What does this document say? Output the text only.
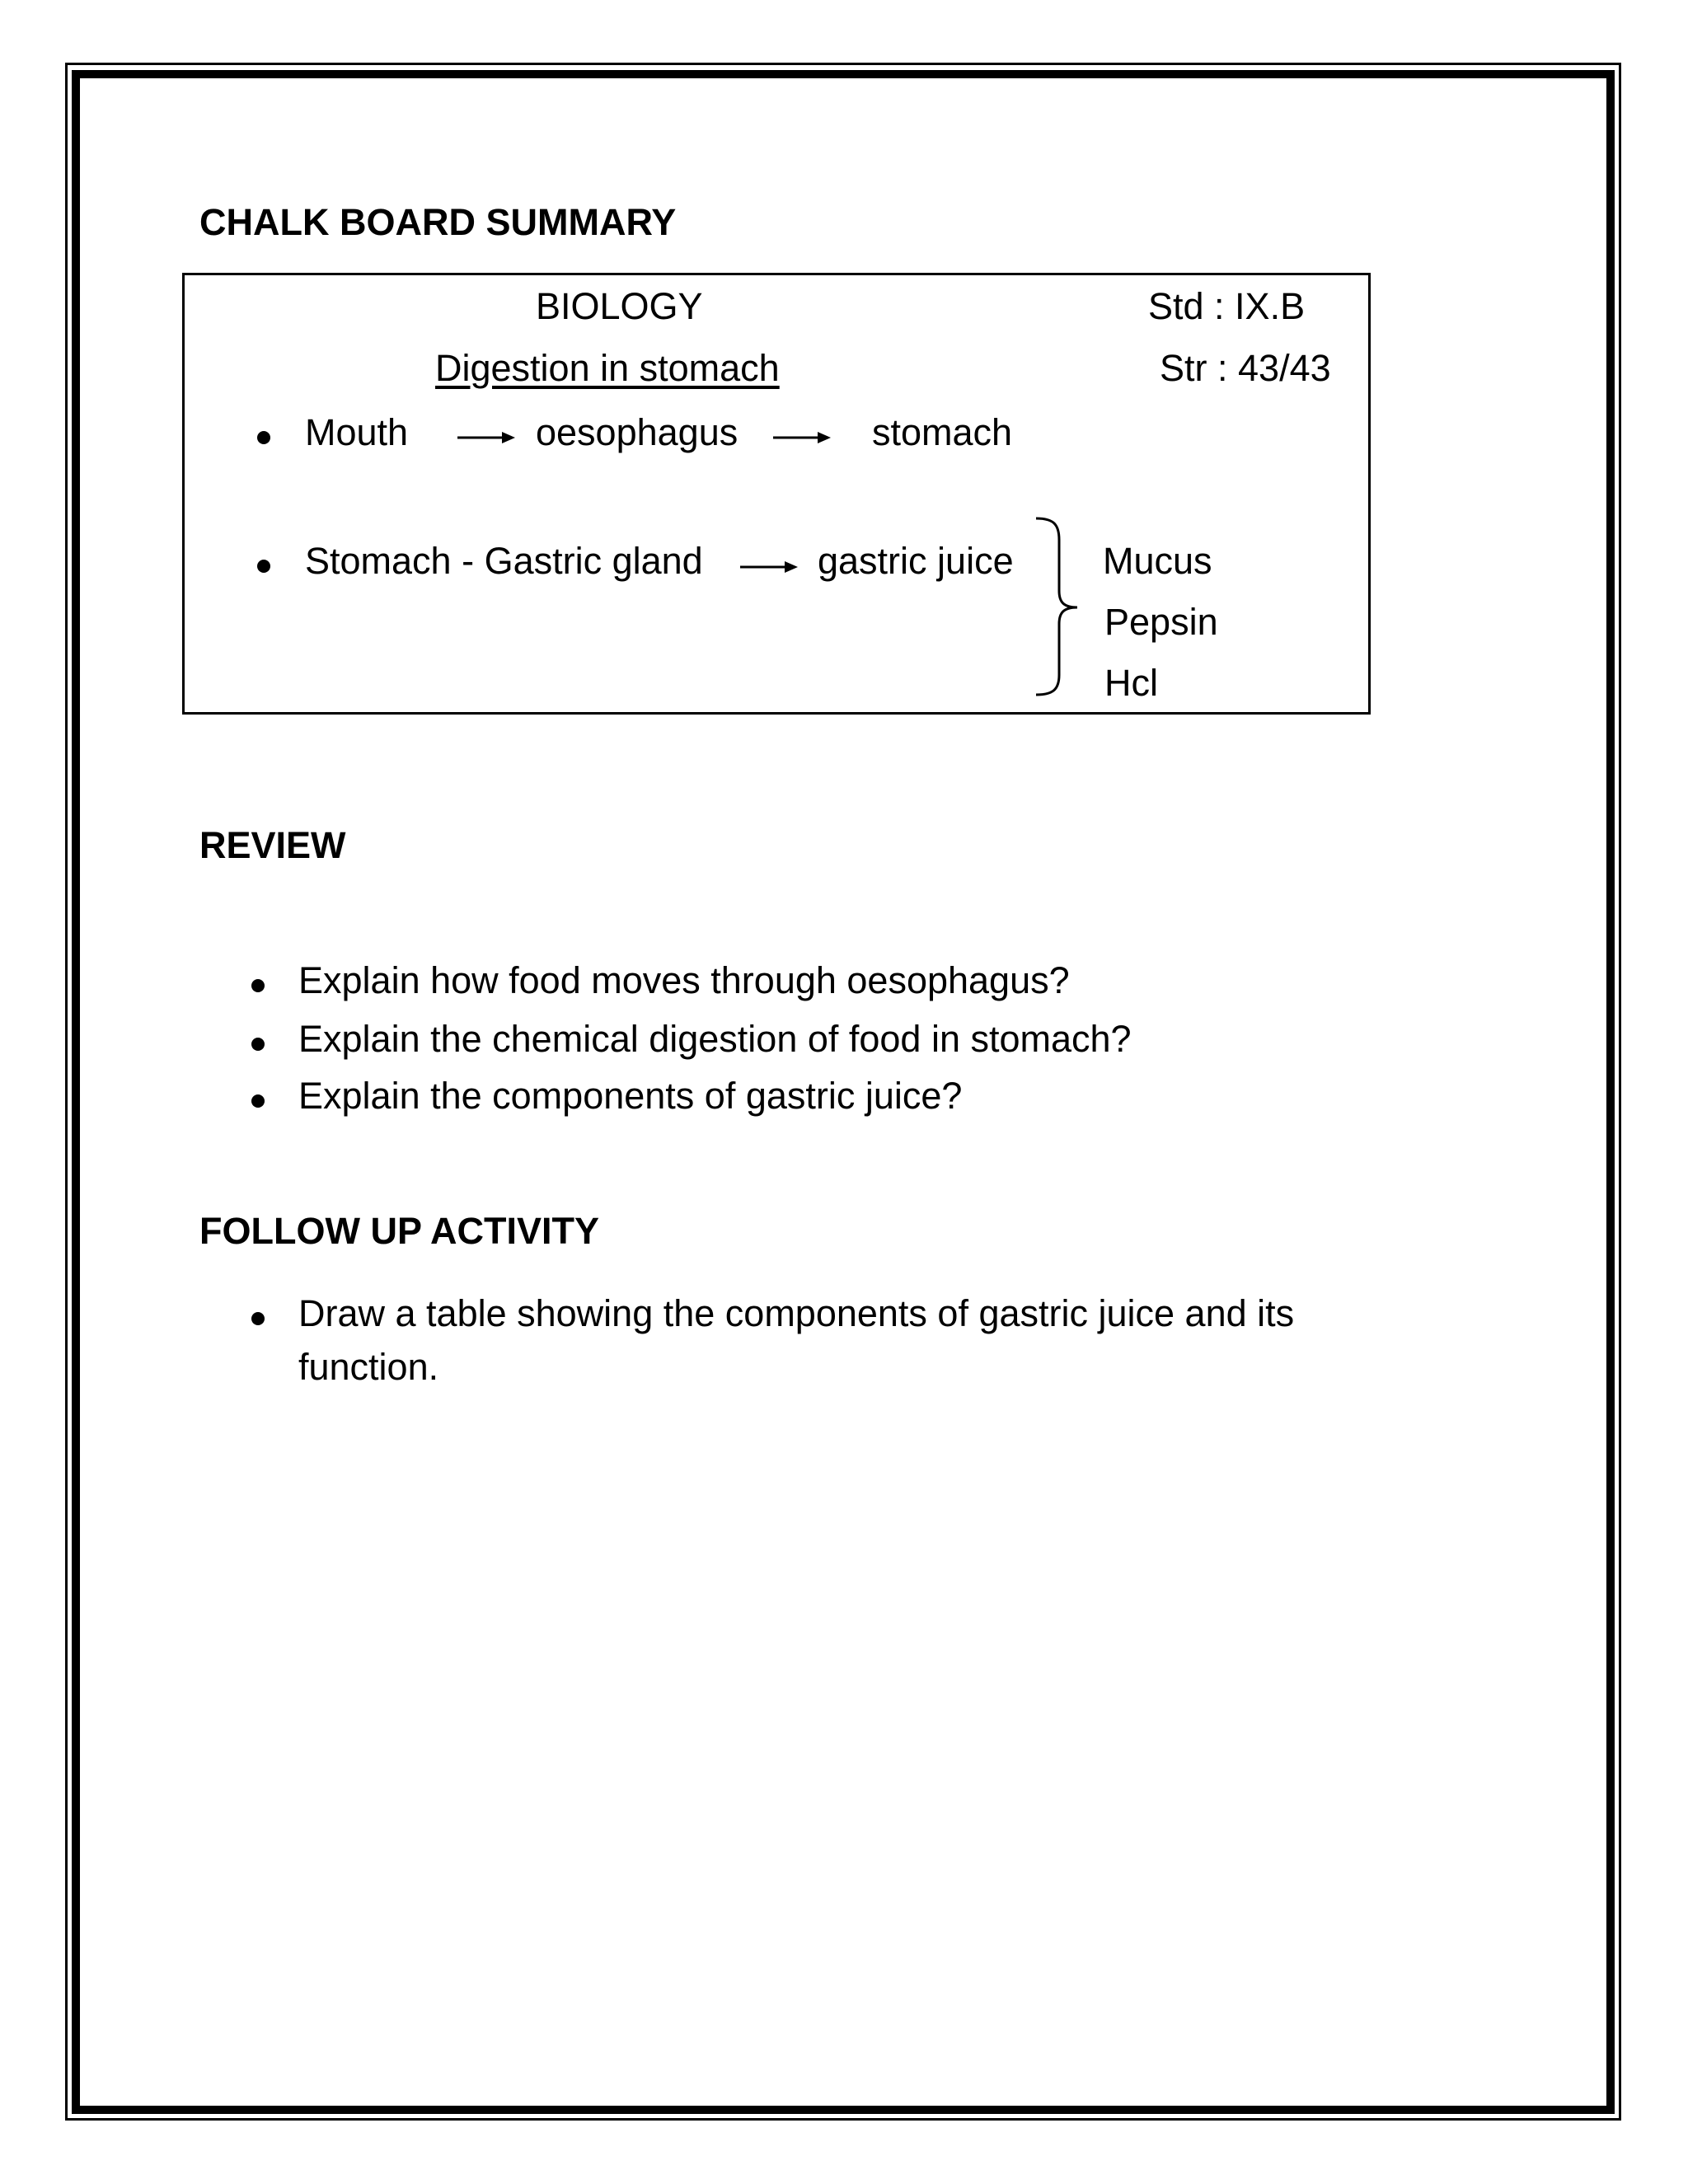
CHALK BOARD SUMMARY
BIOLOGY	Std : IX.B
Digestion in stomach	Str : 43/43
Mouth	oesophagus	stomach
Stomach - Gastric gland	gastric juice Mucus
Pepsin
Hcl
REVIEW
Explain how food moves through oesophagus?
Explain the chemical digestion of food in stomach?
Explain the components of gastric juice?
FOLLOW UP ACTIVITY
Draw a table showing the components of gastric juice and its
function.
